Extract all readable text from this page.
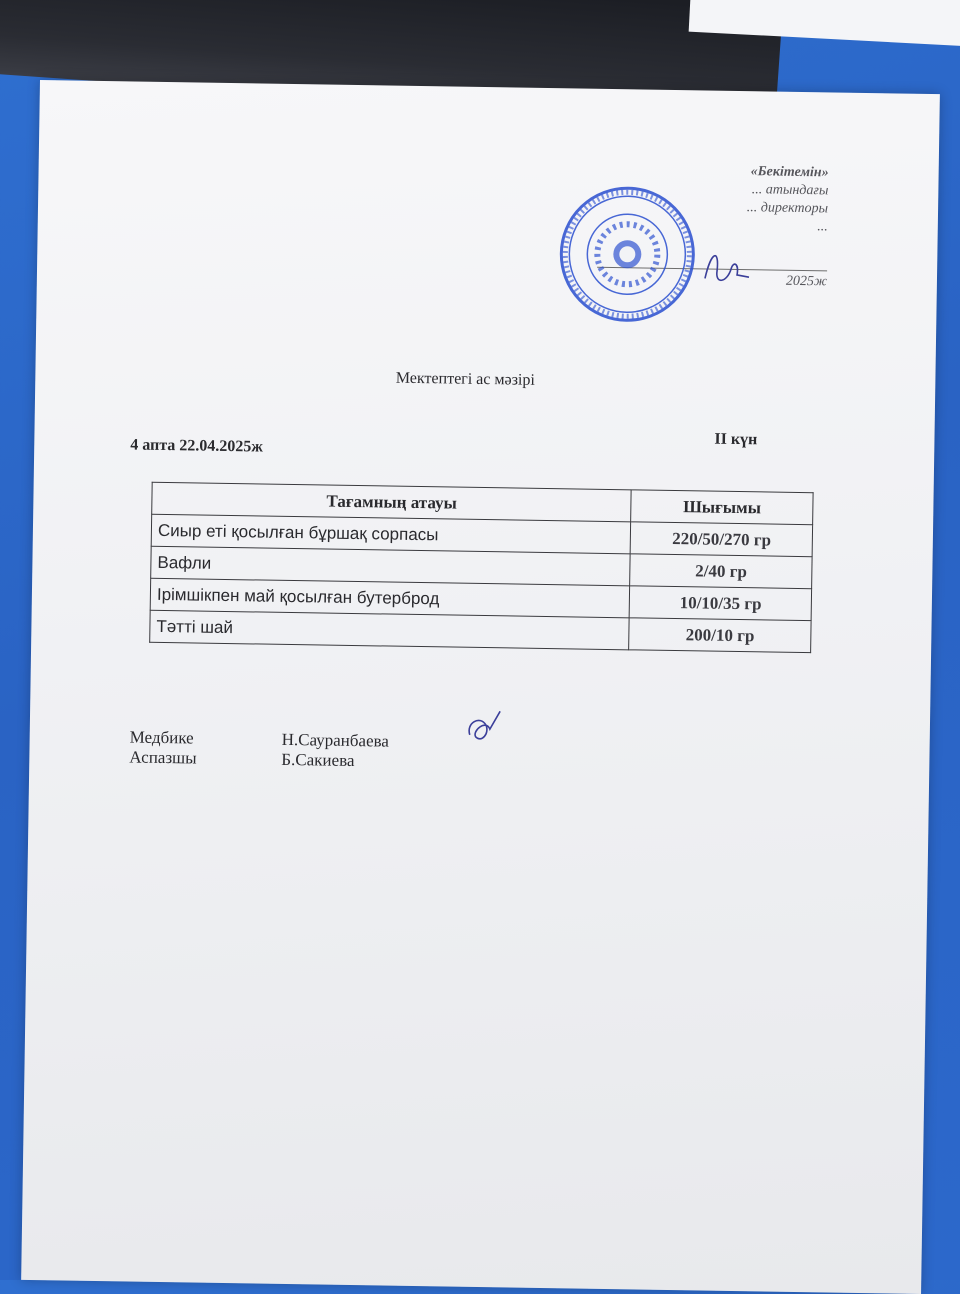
«Бекітемін»
... атындағы
... директоры
...
2025ж
Мектептегі ас мәзірі
4 апта 22.04.2025ж	II күн
Тағамның атауы	Шығымы
Сиыр еті қосылған бұршақ сорпасы	220/50/270 гр
Вафли	2/40 гр
Ірімшікпен май қосылған бутерброд	10/10/35 гр
Тәтті шай	200/10 гр
Медбике	Н.Сауранбаева
Аспазшы	Б.Сакиева
